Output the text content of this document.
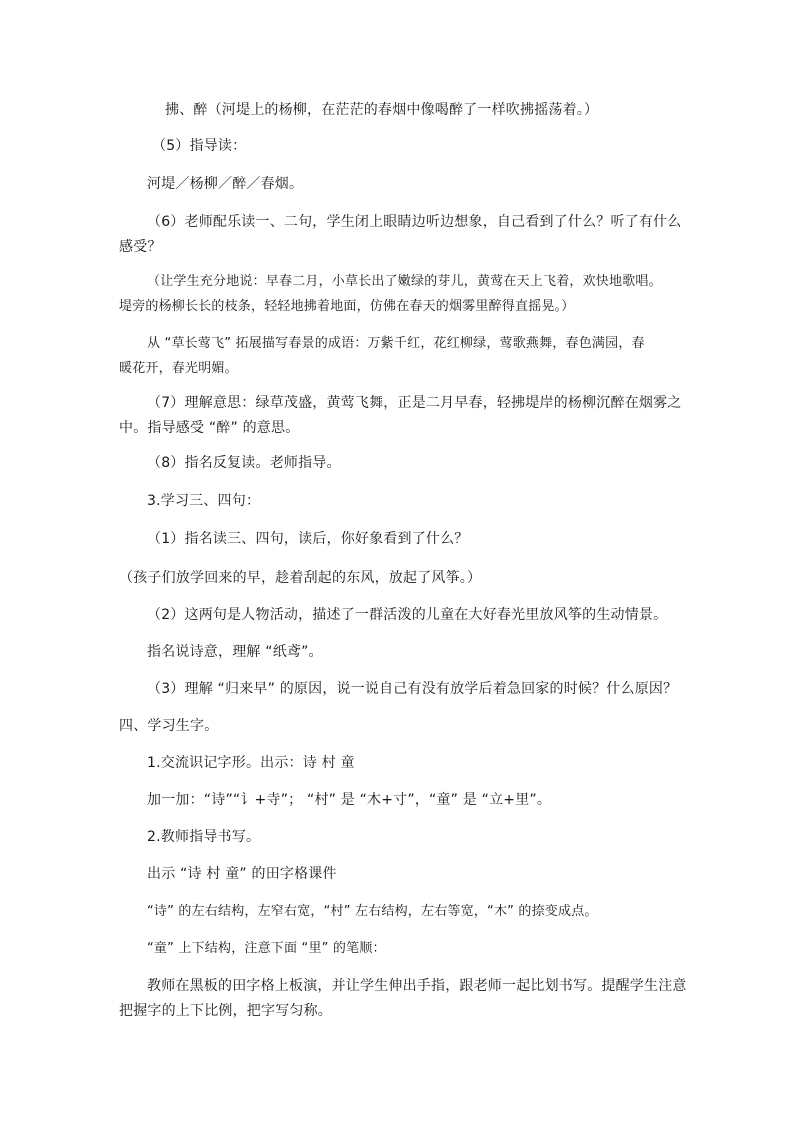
拂、醉（河堤上的杨柳，在茫茫的春烟中像喝醉了一样吹拂摇荡着。）
（5）指导读：
河堤／杨柳／醉／春烟。
（6）老师配乐读一、二句，学生闭上眼睛边听边想象，自己看到了什么？听了有什么
感受？
（让学生充分地说：早春二月，小草长出了嫩绿的芽儿，黄莺在天上飞着，欢快地歌唱。
堤旁的杨柳长长的枝条，轻轻地拂着地面，仿佛在春天的烟雾里醉得直摇晃。）
从 “草长莺飞” 拓展描写春景的成语：万紫千红，花红柳绿，莺歌燕舞，春色满园，春
暖花开，春光明媚。
（7）理解意思：绿草茂盛，黄莺飞舞，正是二月早春，轻拂堤岸的杨柳沉醉在烟雾之
中。指导感受 “醉” 的意思。
（8）指名反复读。老师指导。
3.学习三、四句：
（1）指名读三、四句，读后，你好象看到了什么？
（孩子们放学回来的早，趁着刮起的东风，放起了风筝。）
（2）这两句是人物活动，描述了一群活泼的儿童在大好春光里放风筝的生动情景。
指名说诗意，理解 “纸鸢”。
（3）理解 “归来早” 的原因，说一说自己有没有放学后着急回家的时候？什么原因？
四、学习生字。
1.交流识记字形。出示：诗 村 童
加一加：“诗”“讠+寺”； “村” 是 “木+寸”，“童” 是 “立+里”。
2.教师指导书写。
出示 “诗 村 童” 的田字格课件
“诗” 的左右结构，左窄右宽，“村” 左右结构，左右等宽，“木” 的捺变成点。
“童” 上下结构，注意下面 “里” 的笔顺：
教师在黑板的田字格上板演，并让学生伸出手指，跟老师一起比划书写。提醒学生注意
把握字的上下比例，把字写匀称。
